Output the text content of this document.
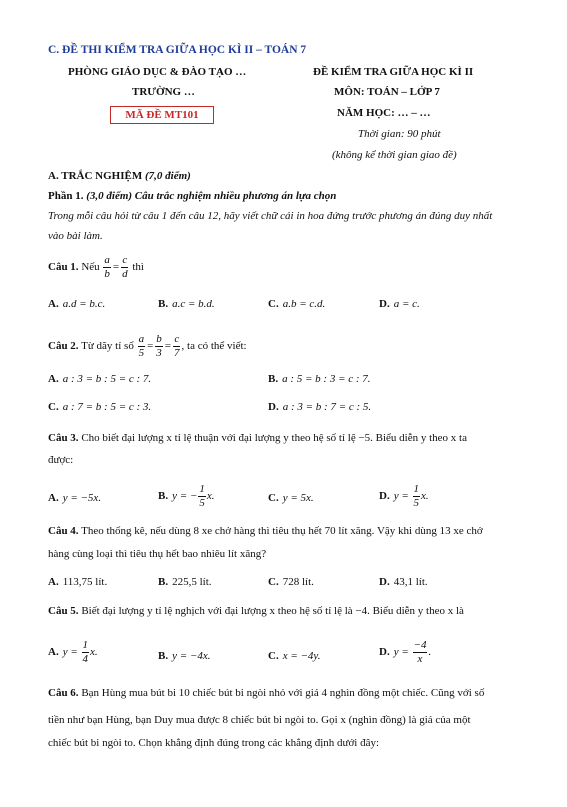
C. ĐỀ THI KIỂM TRA GIỮA HỌC KÌ II – TOÁN 7
PHÒNG GIÁO DỤC & ĐÀO TẠO …
TRƯỜNG …
MÃ ĐỀ MT101
ĐỀ KIỂM TRA GIỮA HỌC KÌ II
MÔN: TOÁN – LỚP 7
NĂM HỌC: … – …
Thời gian: 90 phút
(không kể thời gian giao đề)
A. TRẮC NGHIỆM (7,0 điểm)
Phần 1. (3,0 điểm) Câu trắc nghiệm nhiều phương án lựa chọn
Trong mỗi câu hỏi từ câu 1 đến câu 12, hãy viết chữ cái in hoa đứng trước phương án đúng duy nhất
vào bài làm.
Câu 1. Nếu $\frac{a}{b} = \frac{c}{d}$ thì
A. a.d = b.c.	B. a.c = b.d.	C. a.b = c.d.	D. a = c.
Câu 2. Từ dãy tỉ số $\frac{a}{5} = \frac{b}{3} = \frac{c}{7}$ , ta có thể viết:
A. a : 3 = b : 5 = c : 7.	B. a : 5 = b : 3 = c : 7.
C. a : 7 = b : 5 = c : 3.	D. a : 3 = b : 7 = c : 5.
Câu 3. Cho biết đại lượng x tỉ lệ thuận với đại lượng y theo hệ số tỉ lệ −5. Biểu diễn y theo x ta
được:
A. y = −5x.	B. y = − $\frac{1}{5} x$.	C. y = 5x.	D. $y = \frac{1}{5} x$.
Câu 4. Theo thống kê, nếu dùng 8 xe chở hàng thì tiêu thụ hết 70 lít xăng. Vậy khi dùng 13 xe chở
hàng cùng loại thì tiêu thụ hết bao nhiêu lít xăng?
A. 113,75 lít.	B. 225,5 lít.	C. 728 lít.	D. 43,1 lít.
Câu 5. Biết đại lượng y tỉ lệ nghịch với đại lượng x theo hệ số tỉ lệ là −4. Biểu diễn y theo x là
A. $y = \frac{1}{4} x$.	B. y = −4x.	C. x = −4y.	D. $y = \frac{-4}{x}$ .
Câu 6. Bạn Hùng mua bút bi 10 chiếc bút bi ngòi nhỏ với giá 4 nghìn đồng một chiếc. Cũng với số
tiền như bạn Hùng, bạn Duy mua được 8 chiếc bút bi ngòi to. Gọi x (nghìn đồng) là giá của một
chiếc bút bi ngòi to. Chọn khẳng định đúng trong các khẳng định dưới đây:
